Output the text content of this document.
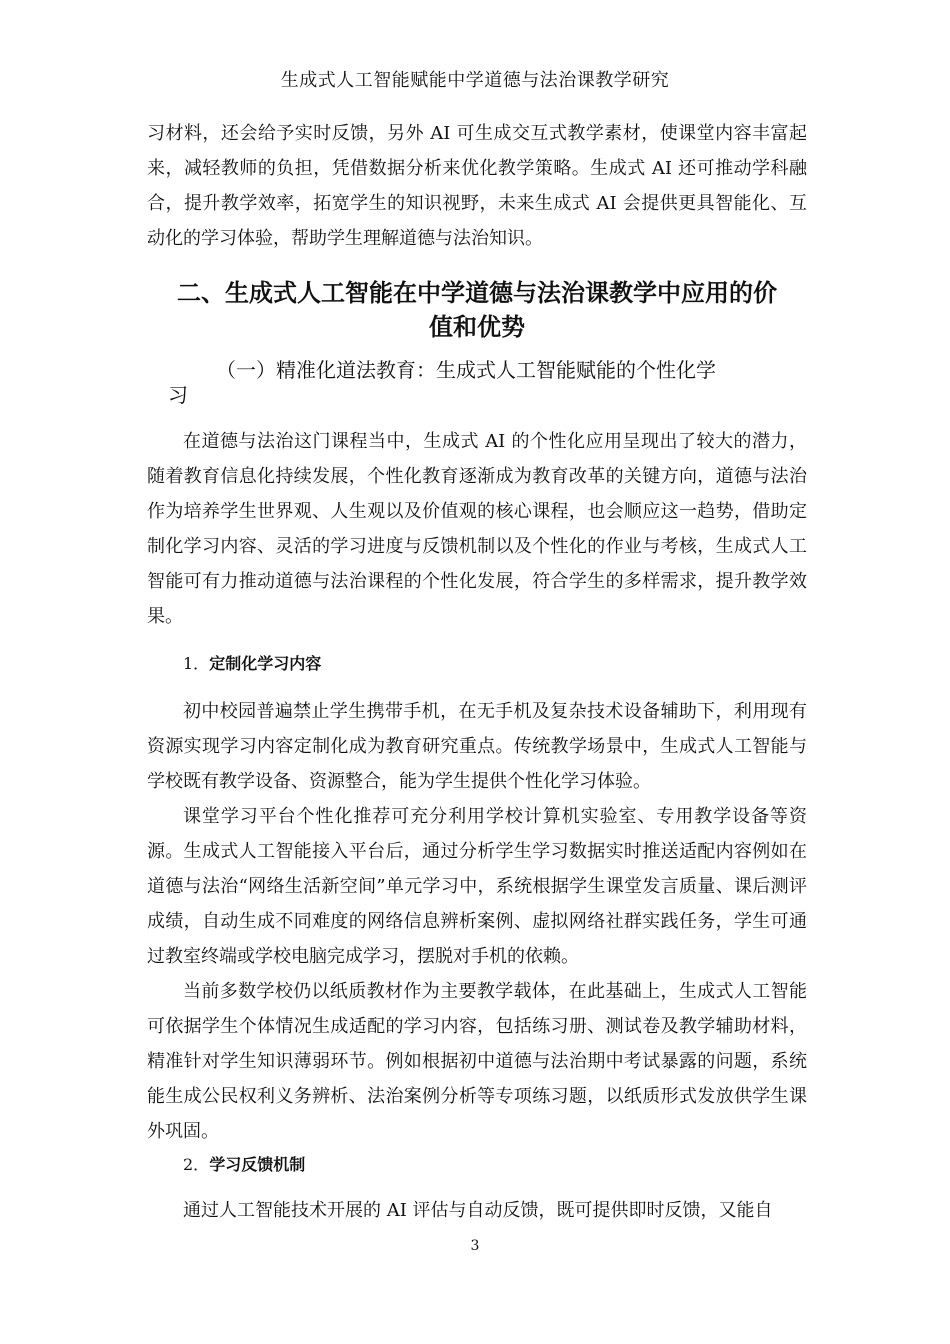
生成式人工智能赋能中学道德与法治课教学研究

习材料，还会给予实时反馈，另外 AI 可生成交互式教学素材，使课堂内容丰富起来，减轻教师的负担，凭借数据分析来优化教学策略。生成式 AI 还可推动学科融合，提升教学效率，拓宽学生的知识视野，未来生成式 AI 会提供更具智能化、互动化的学习体验，帮助学生理解道德与法治知识。

二、生成式人工智能在中学道德与法治课教学中应用的价
值和优势
（一）精准化道法教育：生成式人工智能赋能的个性化学
习

在道德与法治这门课程当中，生成式 AI 的个性化应用呈现出了较大的潜力，随着教育信息化持续发展，个性化教育逐渐成为教育改革的关键方向，道德与法治作为培养学生世界观、人生观以及价值观的核心课程，也会顺应这一趋势，借助定制化学习内容、灵活的学习进度与反馈机制以及个性化的作业与考核，生成式人工智能可有力推动道德与法治课程的个性化发展，符合学生的多样需求，提升教学效果。

1．定制化学习内容

初中校园普遍禁止学生携带手机，在无手机及复杂技术设备辅助下，利用现有资源实现学习内容定制化成为教育研究重点。传统教学场景中，生成式人工智能与学校既有教学设备、资源整合，能为学生提供个性化学习体验。

课堂学习平台个性化推荐可充分利用学校计算机实验室、专用教学设备等资源。生成式人工智能接入平台后，通过分析学生学习数据实时推送适配内容例如在道德与法治“网络生活新空间”单元学习中，系统根据学生课堂发言质量、课后测评成绩，自动生成不同难度的网络信息辨析案例、虚拟网络社群实践任务，学生可通过教室终端或学校电脑完成学习，摆脱对手机的依赖。

当前多数学校仍以纸质教材作为主要教学载体，在此基础上，生成式人工智能可依据学生个体情况生成适配的学习内容，包括练习册、测试卷及教学辅助材料，精准针对学生知识薄弱环节。例如根据初中道德与法治期中考试暴露的问题，系统能生成公民权利义务辨析、法治案例分析等专项练习题，以纸质形式发放供学生课外巩固。

2．学习反馈机制

通过人工智能技术开展的 AI 评估与自动反馈，既可提供即时反馈，又能自

3
